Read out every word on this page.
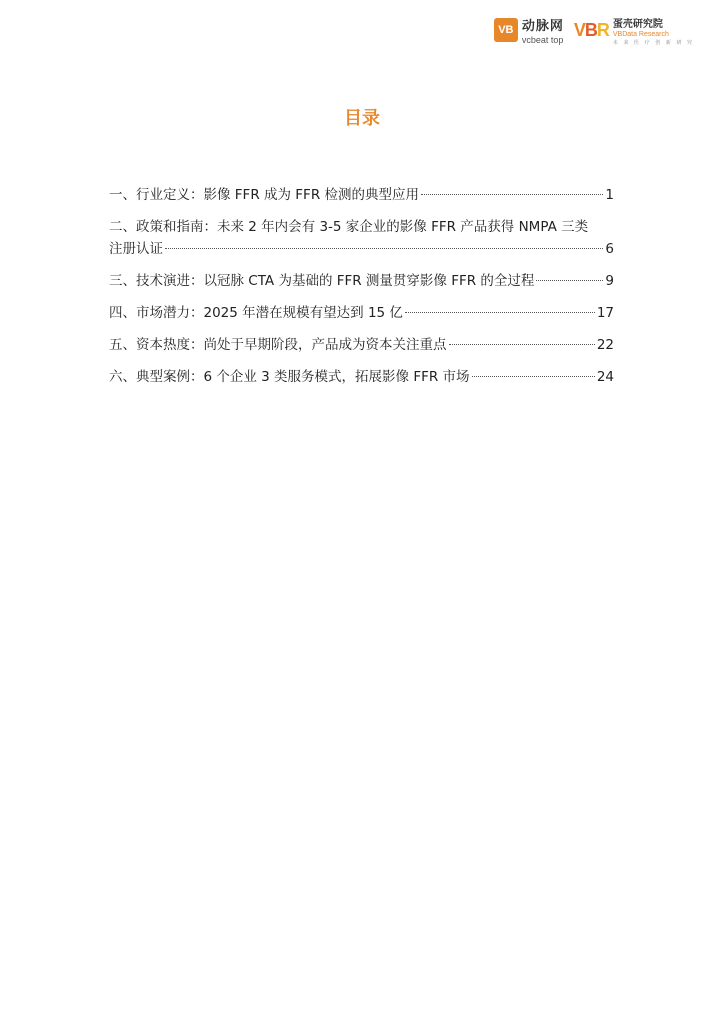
VB 动脉网
vcbeat top VBR 蛋壳研究院
VBData Research
未 来 医 疗 创 新 研 究
目录
一、行业定义：影像 FFR 成为 FFR 检测的典型应用	1
二、政策和指南：未来 2 年内会有 3-5 家企业的影像 FFR 产品获得 NMPA 三类
注册认证	6
三、技术演进：以冠脉 CTA 为基础的 FFR 测量贯穿影像 FFR 的全过程	9
四、市场潜力：2025 年潜在规模有望达到 15 亿	17
五、资本热度：尚处于早期阶段，产品成为资本关注重点	22
六、典型案例：6 个企业 3 类服务模式，拓展影像 FFR 市场	24
